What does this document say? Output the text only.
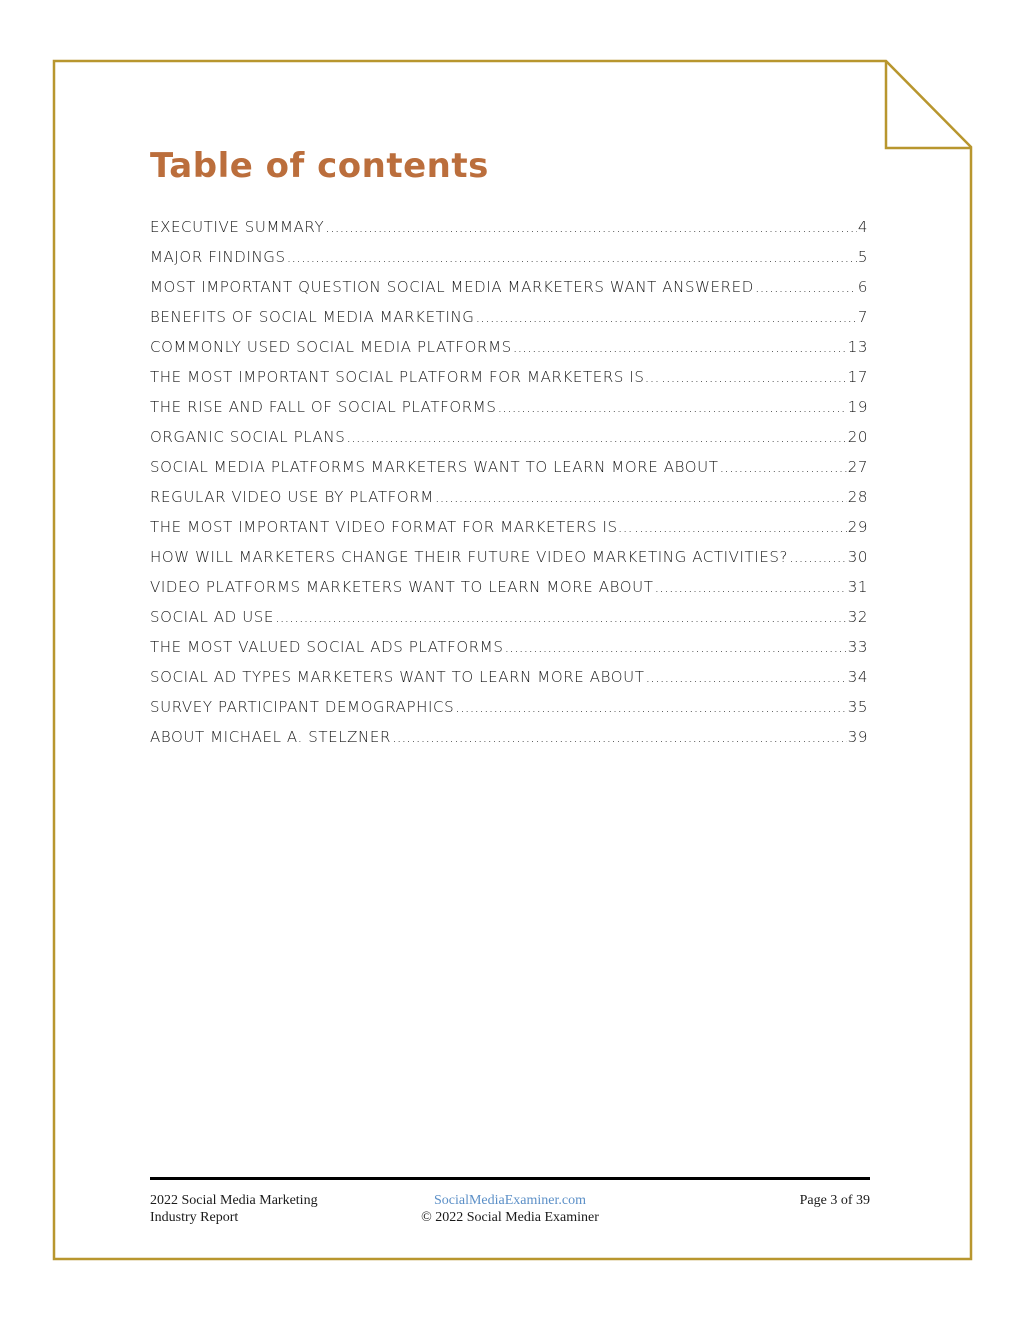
Table of contents
EXECUTIVE SUMMARY .....	4
MAJOR FINDINGS .....	5
MOST IMPORTANT QUESTION SOCIAL MEDIA MARKETERS WANT ANSWERED .....	6
BENEFITS OF SOCIAL MEDIA MARKETING .....	7
COMMONLY USED SOCIAL MEDIA PLATFORMS .....	13
THE MOST IMPORTANT SOCIAL PLATFORM FOR MARKETERS IS… .....	17
THE RISE AND FALL OF SOCIAL PLATFORMS .....	19
ORGANIC SOCIAL PLANS .....	20
SOCIAL MEDIA PLATFORMS MARKETERS WANT TO LEARN MORE ABOUT .....	27
REGULAR VIDEO USE BY PLATFORM .....	28
THE MOST IMPORTANT VIDEO FORMAT FOR MARKETERS IS… .....	29
HOW WILL MARKETERS CHANGE THEIR FUTURE VIDEO MARKETING ACTIVITIES? .....	30
VIDEO PLATFORMS MARKETERS WANT TO LEARN MORE ABOUT .....	31
SOCIAL AD USE .....	32
THE MOST VALUED SOCIAL ADS PLATFORMS .....	33
SOCIAL AD TYPES MARKETERS WANT TO LEARN MORE ABOUT .....	34
SURVEY PARTICIPANT DEMOGRAPHICS .....	35
ABOUT MICHAEL A. STELZNER .....	39
2022 Social Media Marketing
Industry Report
SocialMediaExaminer.com
© 2022 Social Media Examiner
Page 3 of 39
